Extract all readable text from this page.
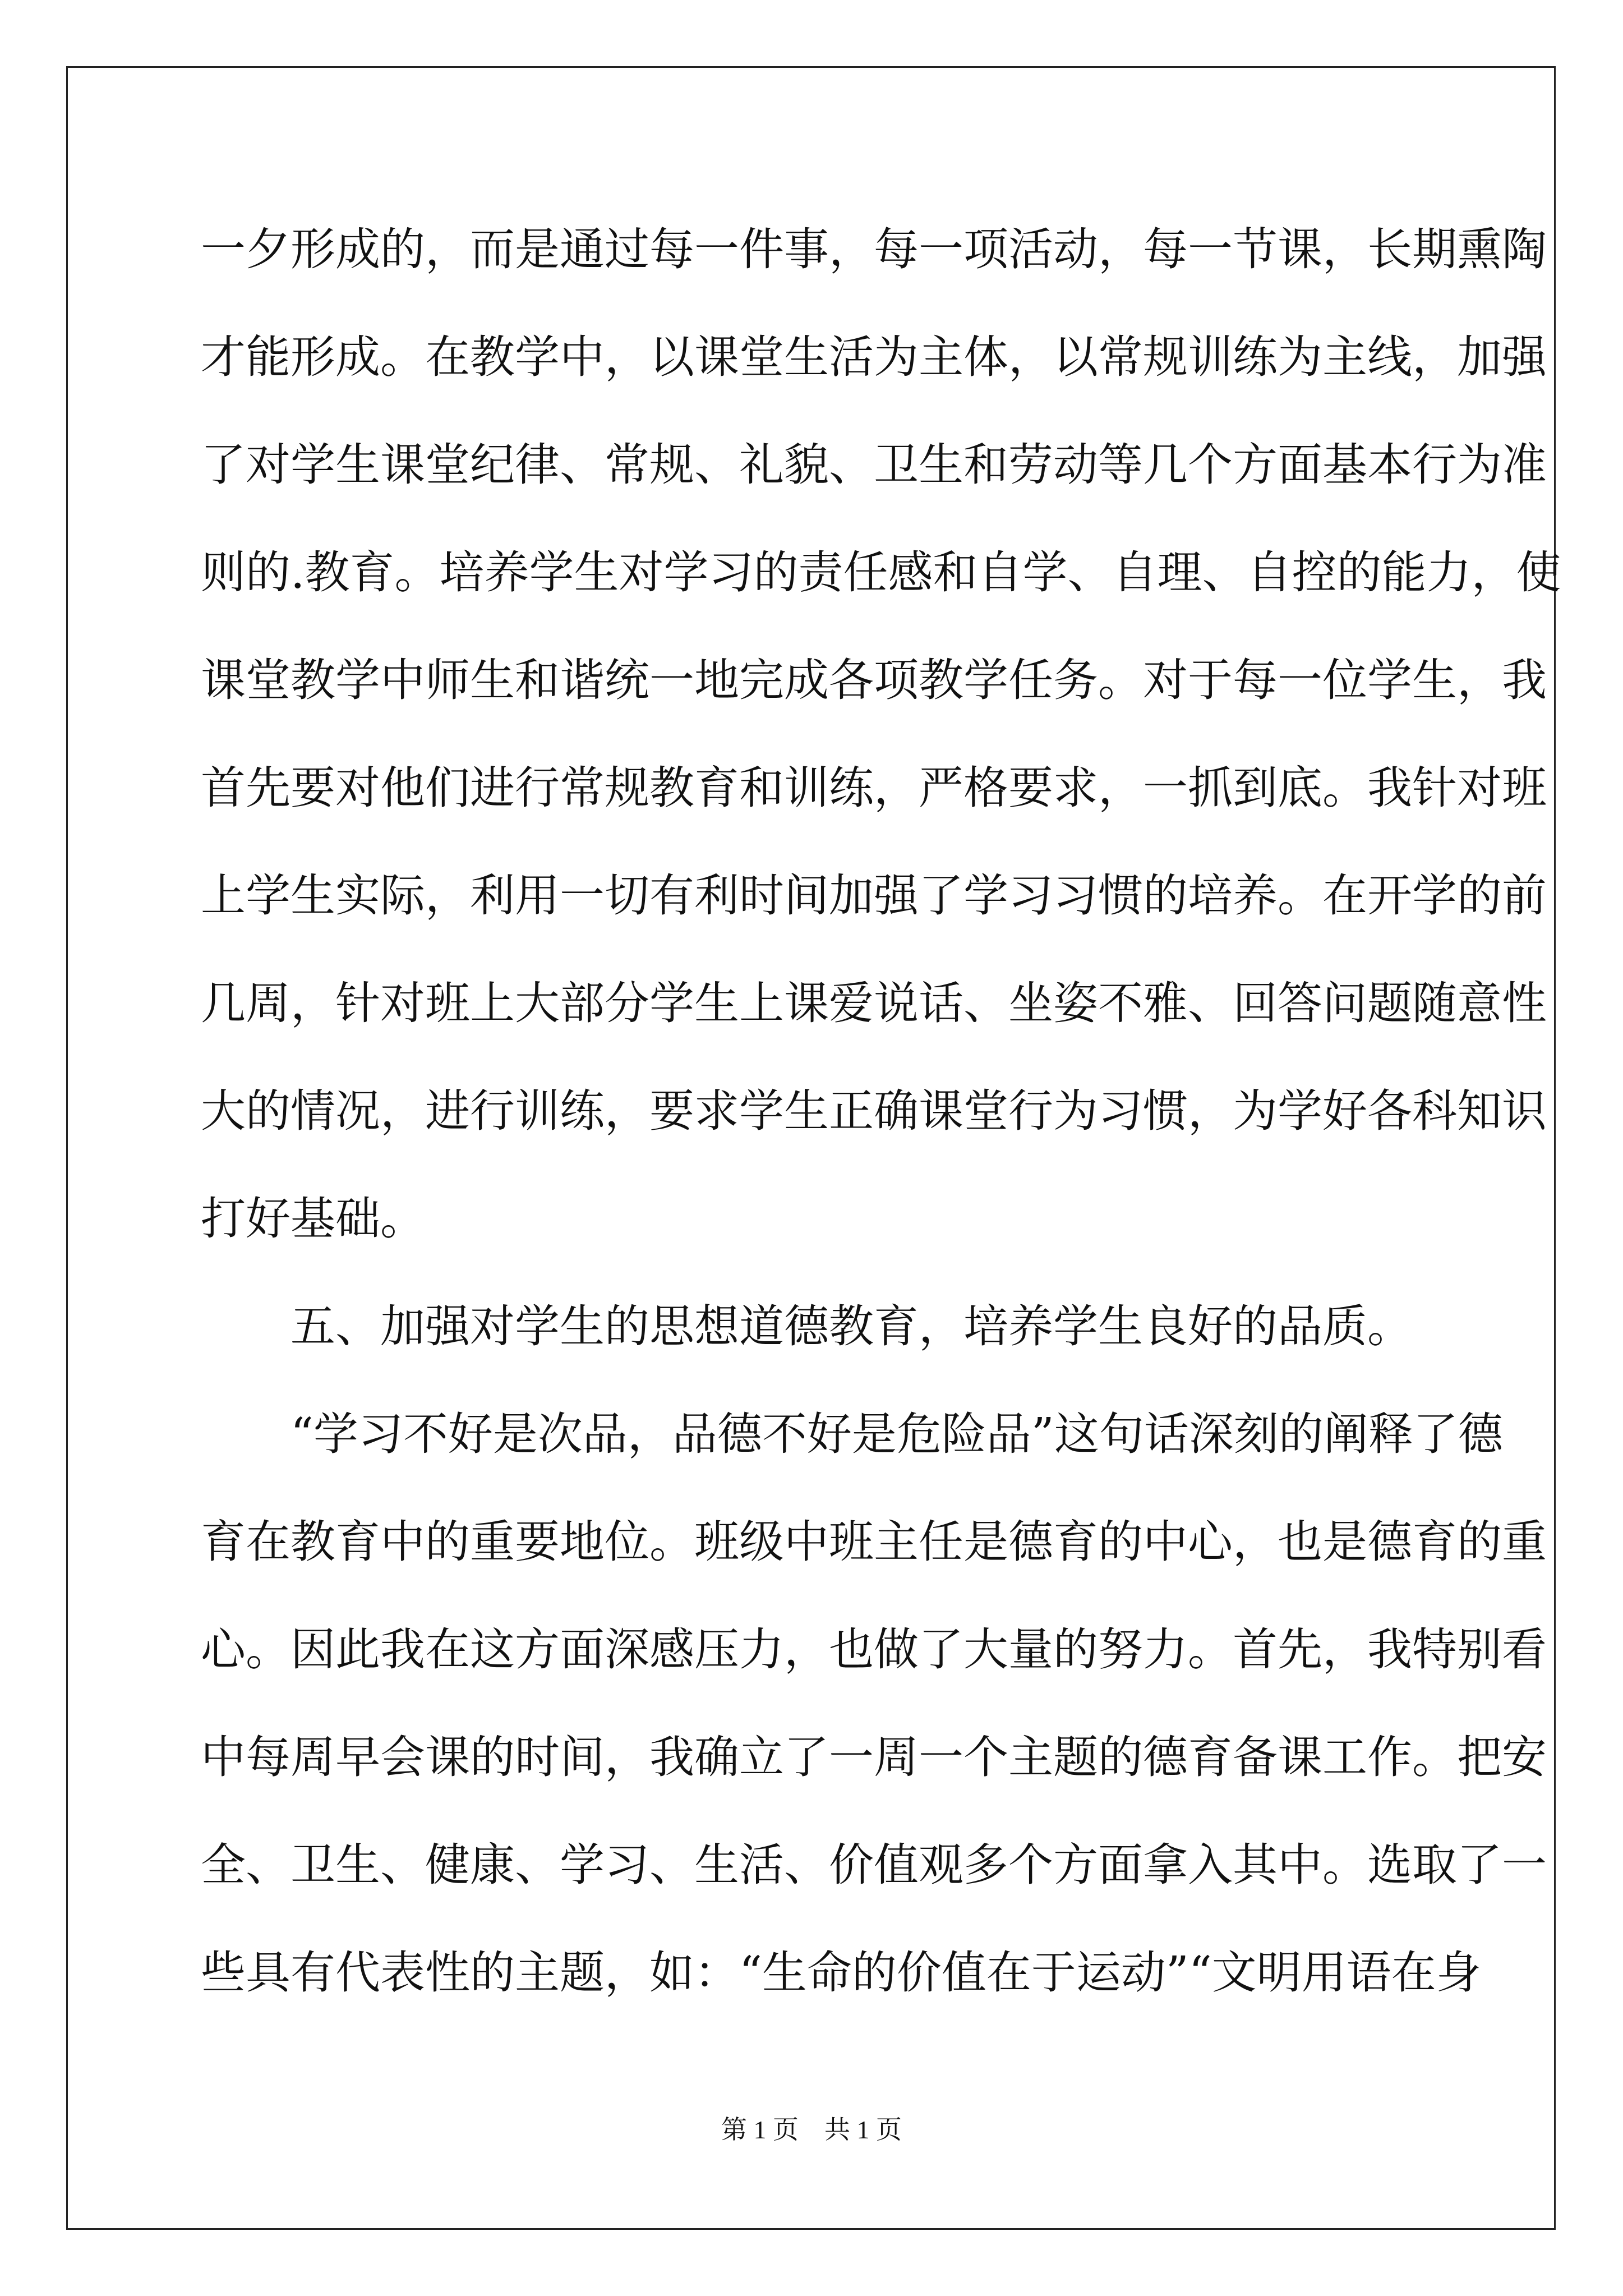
一 夕 形 成 的 ， 而 是 通 过 每 一 件 事 ， 每 一 项 活 动 ， 每 一 节 课 ， 长 期 熏 陶
才 能 形 成 。 在 教 学 中 ， 以 课 堂 生 活 为 主 体 ， 以 常 规 训 练 为 主 线 ， 加 强
了 对 学 生 课 堂 纪 律 、 常 规 、 礼 貌 、 卫 生 和 劳 动 等 几 个 方 面 基 本 行 为 准
则 的 . 教 育 。 培 养 学 生 对 学 习 的 责 任 感 和 自 学 、 自 理 、 自 控 的 能 力 ， 使
课 堂 教 学 中 师 生 和 谐 统 一 地 完 成 各 项 教 学 任 务 。 对 于 每 一 位 学 生 ， 我
首 先 要 对 他 们 进 行 常 规 教 育 和 训 练 ， 严 格 要 求 ， 一 抓 到 底 。 我 针 对 班
上 学 生 实 际 ， 利 用 一 切 有 利 时 间 加 强 了 学 习 习 惯 的 培 养 。 在 开 学 的 前
几 周 ， 针 对 班 上 大 部 分 学 生 上 课 爱 说 话 、 坐 姿 不 雅 、 回 答 问 题 随 意 性
大 的 情 况 ， 进 行 训 练 ， 要 求 学 生 正 确 课 堂 行 为 习 惯 ， 为 学 好 各 科 知 识
打 好 基 础 。
五 、 加 强 对 学 生 的 思 想 道 德 教 育 ， 培 养 学 生 良 好 的 品 质 。
“ 学 习 不 好 是 次 品 ， 品 德 不 好 是 危 险 品 ” 这 句 话 深 刻 的 阐 释 了 德
育 在 教 育 中 的 重 要 地 位 。 班 级 中 班 主 任 是 德 育 的 中 心 ， 也 是 德 育 的 重
心 。 因 此 我 在 这 方 面 深 感 压 力 ， 也 做 了 大 量 的 努 力 。 首 先 ， 我 特 别 看
中 每 周 早 会 课 的 时 间 ， 我 确 立 了 一 周 一 个 主 题 的 德 育 备 课 工 作 。 把 安
全 、 卫 生 、 健 康 、 学 习 、 生 活 、 价 值 观 多 个 方 面 拿 入 其 中 。 选 取 了 一
些 具 有 代 表 性 的 主 题 ， 如 ： “ 生 命 的 价 值 在 于 运 动 ” “ 文 明 用 语 在 身
第 1 页　共 1 页
